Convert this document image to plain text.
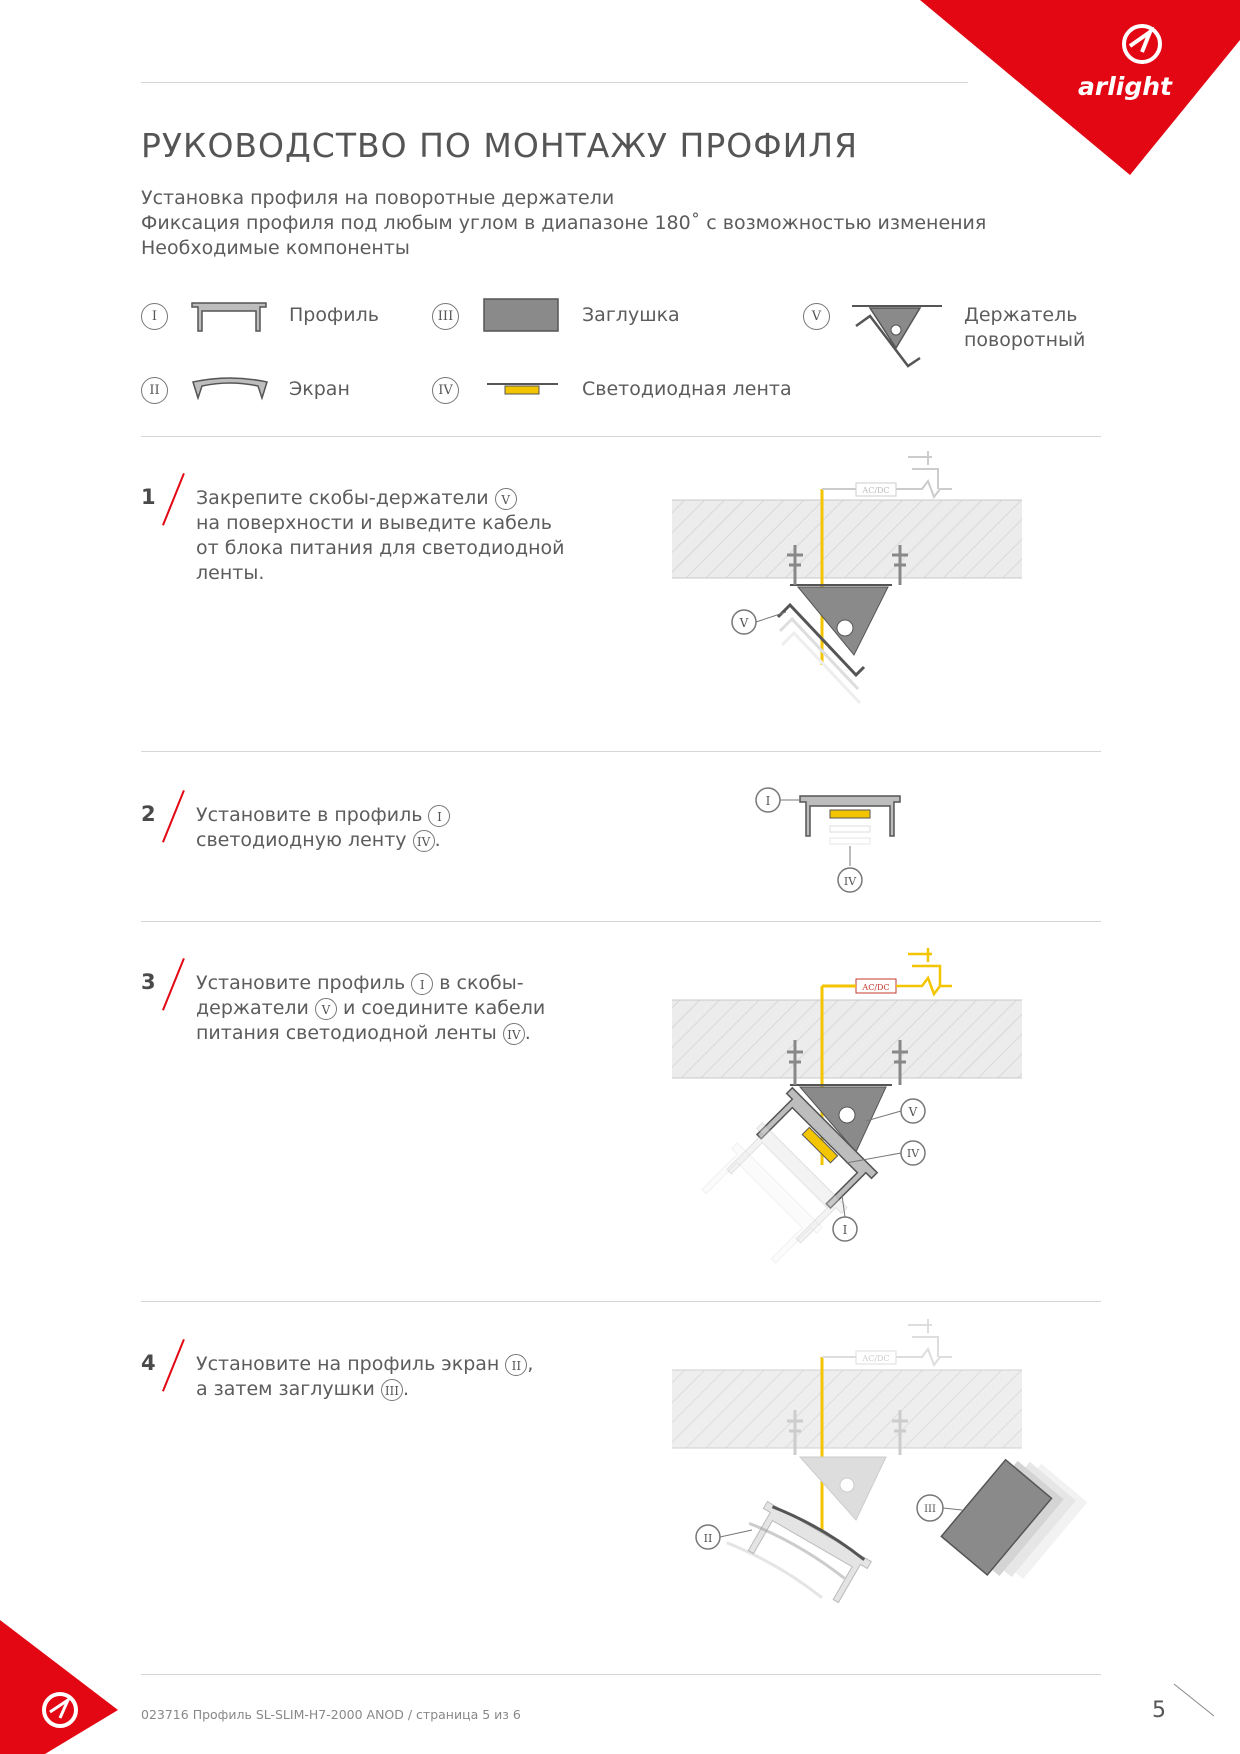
arlight
РУКОВОДСТВО ПО МОНТАЖУ ПРОФИЛЯ
Установка профиля на поворотные держатели
Фиксация профиля под любым углом в диапазоне 180˚ с возможностью изменения
Необходимые компоненты
I	Профиль
II	Экран
III	Заглушка
IV	Светодиодная лента
V	Держатель
поворотный
1 Закрепите скобы-держатели V
на поверхности и выведите кабель
от блока питания для светодиодной
ленты.
AC/DC
V
2 Установите в профиль I
светодиодную ленту IV .
I
IV
3 Установите профиль I в скобы-
держатели V и соедините кабели
питания светодиодной ленты IV .
AC/DC
V
IV
I
4 Установите на профиль экран II ,
а затем заглушки III .
AC/DC
II
III
023716 Профиль SL-SLIM-H7-2000 ANOD / страница 5 из 6	5
